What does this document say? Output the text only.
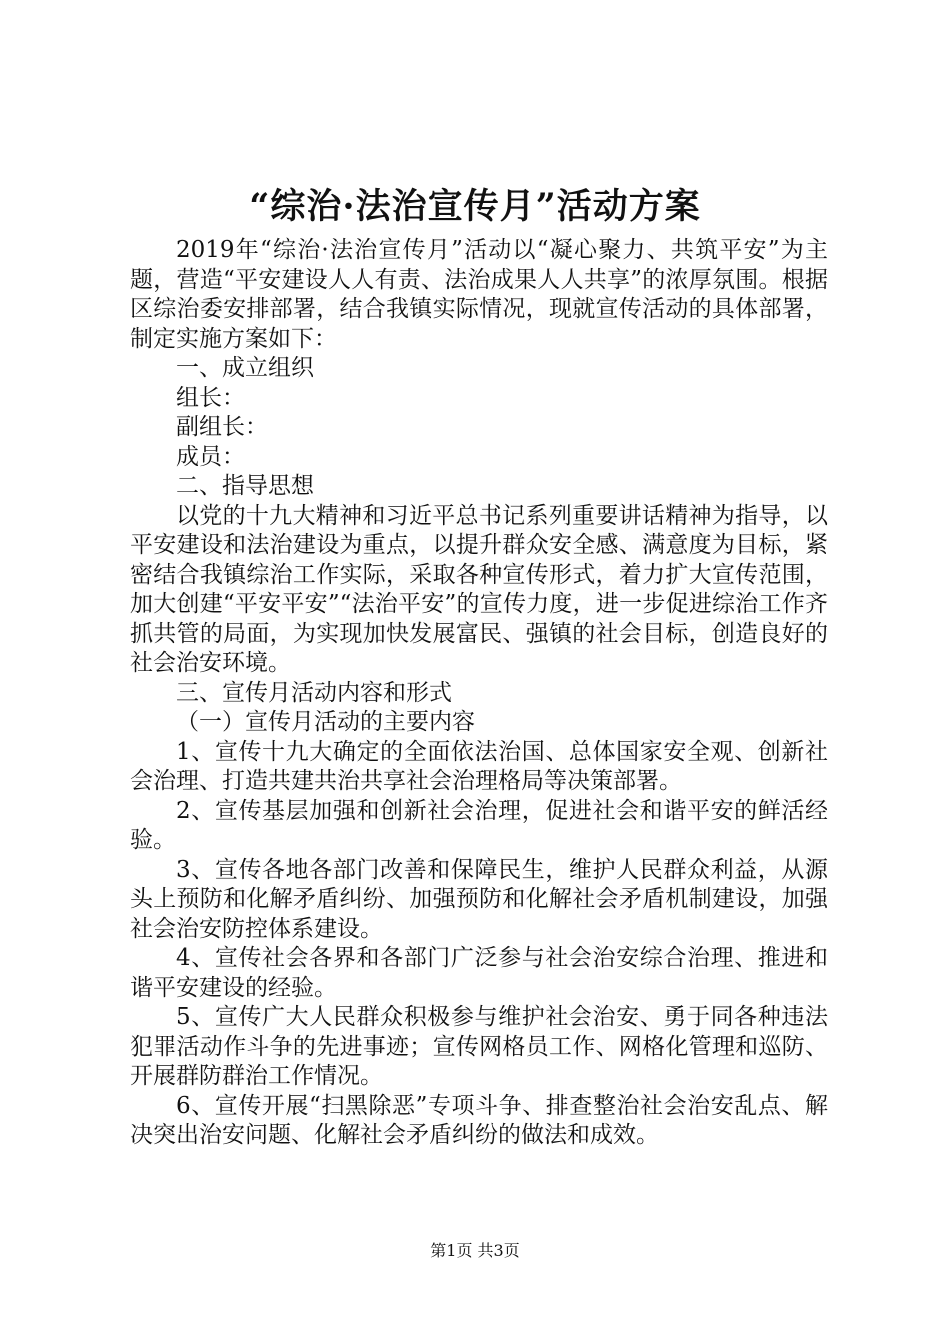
“综治·法治宣传月”活动方案

2019年“综治·法治宣传月”活动以“凝心聚力、共筑平安”为主题，营造“平安建设人人有责、法治成果人人共享”的浓厚氛围。根据区综治委安排部署，结合我镇实际情况，现就宣传活动的具体部署，制定实施方案如下：

一、成立组织

组长：

副组长：

成员：

二、指导思想

以党的十九大精神和习近平总书记系列重要讲话精神为指导，以平安建设和法治建设为重点，以提升群众安全感、满意度为目标，紧密结合我镇综治工作实际，采取各种宣传形式，着力扩大宣传范围，加大创建“平安平安”“法治平安”的宣传力度，进一步促进综治工作齐抓共管的局面，为实现加快发展富民、强镇的社会目标，创造良好的社会治安环境。

三、宣传月活动内容和形式

（一）宣传月活动的主要内容

1、宣传十九大确定的全面依法治国、总体国家安全观、创新社会治理、打造共建共治共享社会治理格局等决策部署。

2、宣传基层加强和创新社会治理，促进社会和谐平安的鲜活经验。

3、宣传各地各部门改善和保障民生，维护人民群众利益，从源头上预防和化解矛盾纠纷、加强预防和化解社会矛盾机制建设，加强社会治安防控体系建设。

4、宣传社会各界和各部门广泛参与社会治安综合治理、推进和谐平安建设的经验。

5、宣传广大人民群众积极参与维护社会治安、勇于同各种违法犯罪活动作斗争的先进事迹；宣传网格员工作、网格化管理和巡防、开展群防群治工作情况。

6、宣传开展“扫黑除恶”专项斗争、排查整治社会治安乱点、解决突出治安问题、化解社会矛盾纠纷的做法和成效。

第1页 共3页
